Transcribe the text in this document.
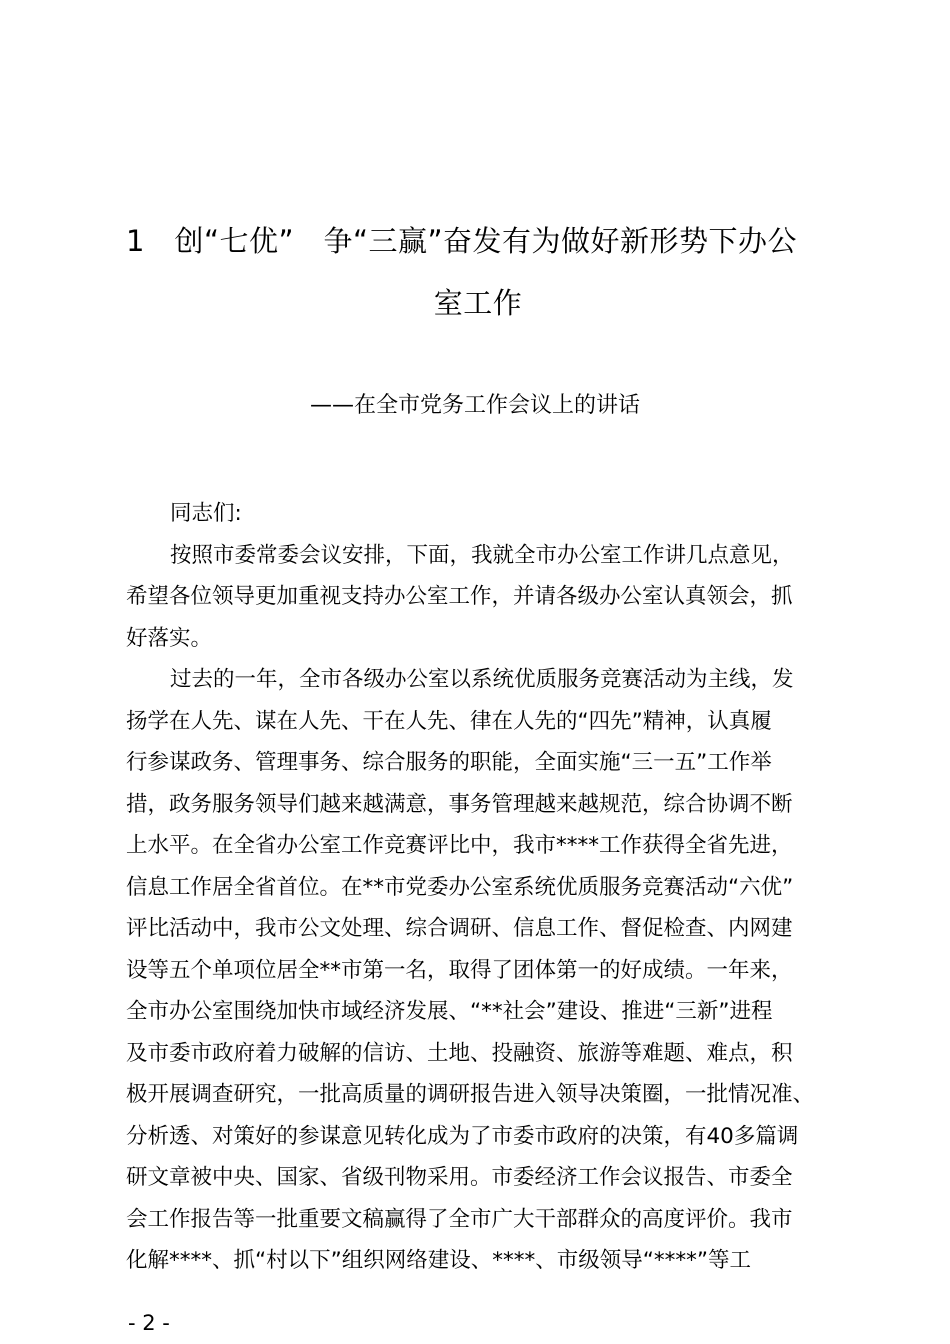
1　创“七优”　争“三赢”奋发有为做好新形势下办公
室工作
——在全市党务工作会议上的讲话
同志们:
按照市委常委会议安排，下面，我就全市办公室工作讲几点意见，
希望各位领导更加重视支持办公室工作，并请各级办公室认真领会，抓
好落实。
过去的一年，全市各级办公室以系统优质服务竞赛活动为主线，发
扬学在人先、谋在人先、干在人先、律在人先的“四先”精神，认真履
行参谋政务、管理事务、综合服务的职能，全面实施“三一五”工作举
措，政务服务领导们越来越满意，事务管理越来越规范，综合协调不断
上水平。在全省办公室工作竞赛评比中，我市****工作获得全省先进，
信息工作居全省首位。在**市党委办公室系统优质服务竞赛活动“六优”
评比活动中，我市公文处理、综合调研、信息工作、督促检查、内网建
设等五个单项位居全**市第一名，取得了团体第一的好成绩。一年来，
全市办公室围绕加快市域经济发展、“**社会”建设、推进“三新”进程
及市委市政府着力破解的信访、土地、投融资、旅游等难题、难点，积
极开展调查研究，一批高质量的调研报告进入领导决策圈，一批情况准、
分析透、对策好的参谋意见转化成为了市委市政府的决策，有40多篇调
研文章被中央、国家、省级刊物采用。市委经济工作会议报告、市委全
会工作报告等一批重要文稿赢得了全市广大干部群众的高度评价。我市
化解****、抓“村以下”组织网络建设、****、市级领导“****”等工
- 2 -
